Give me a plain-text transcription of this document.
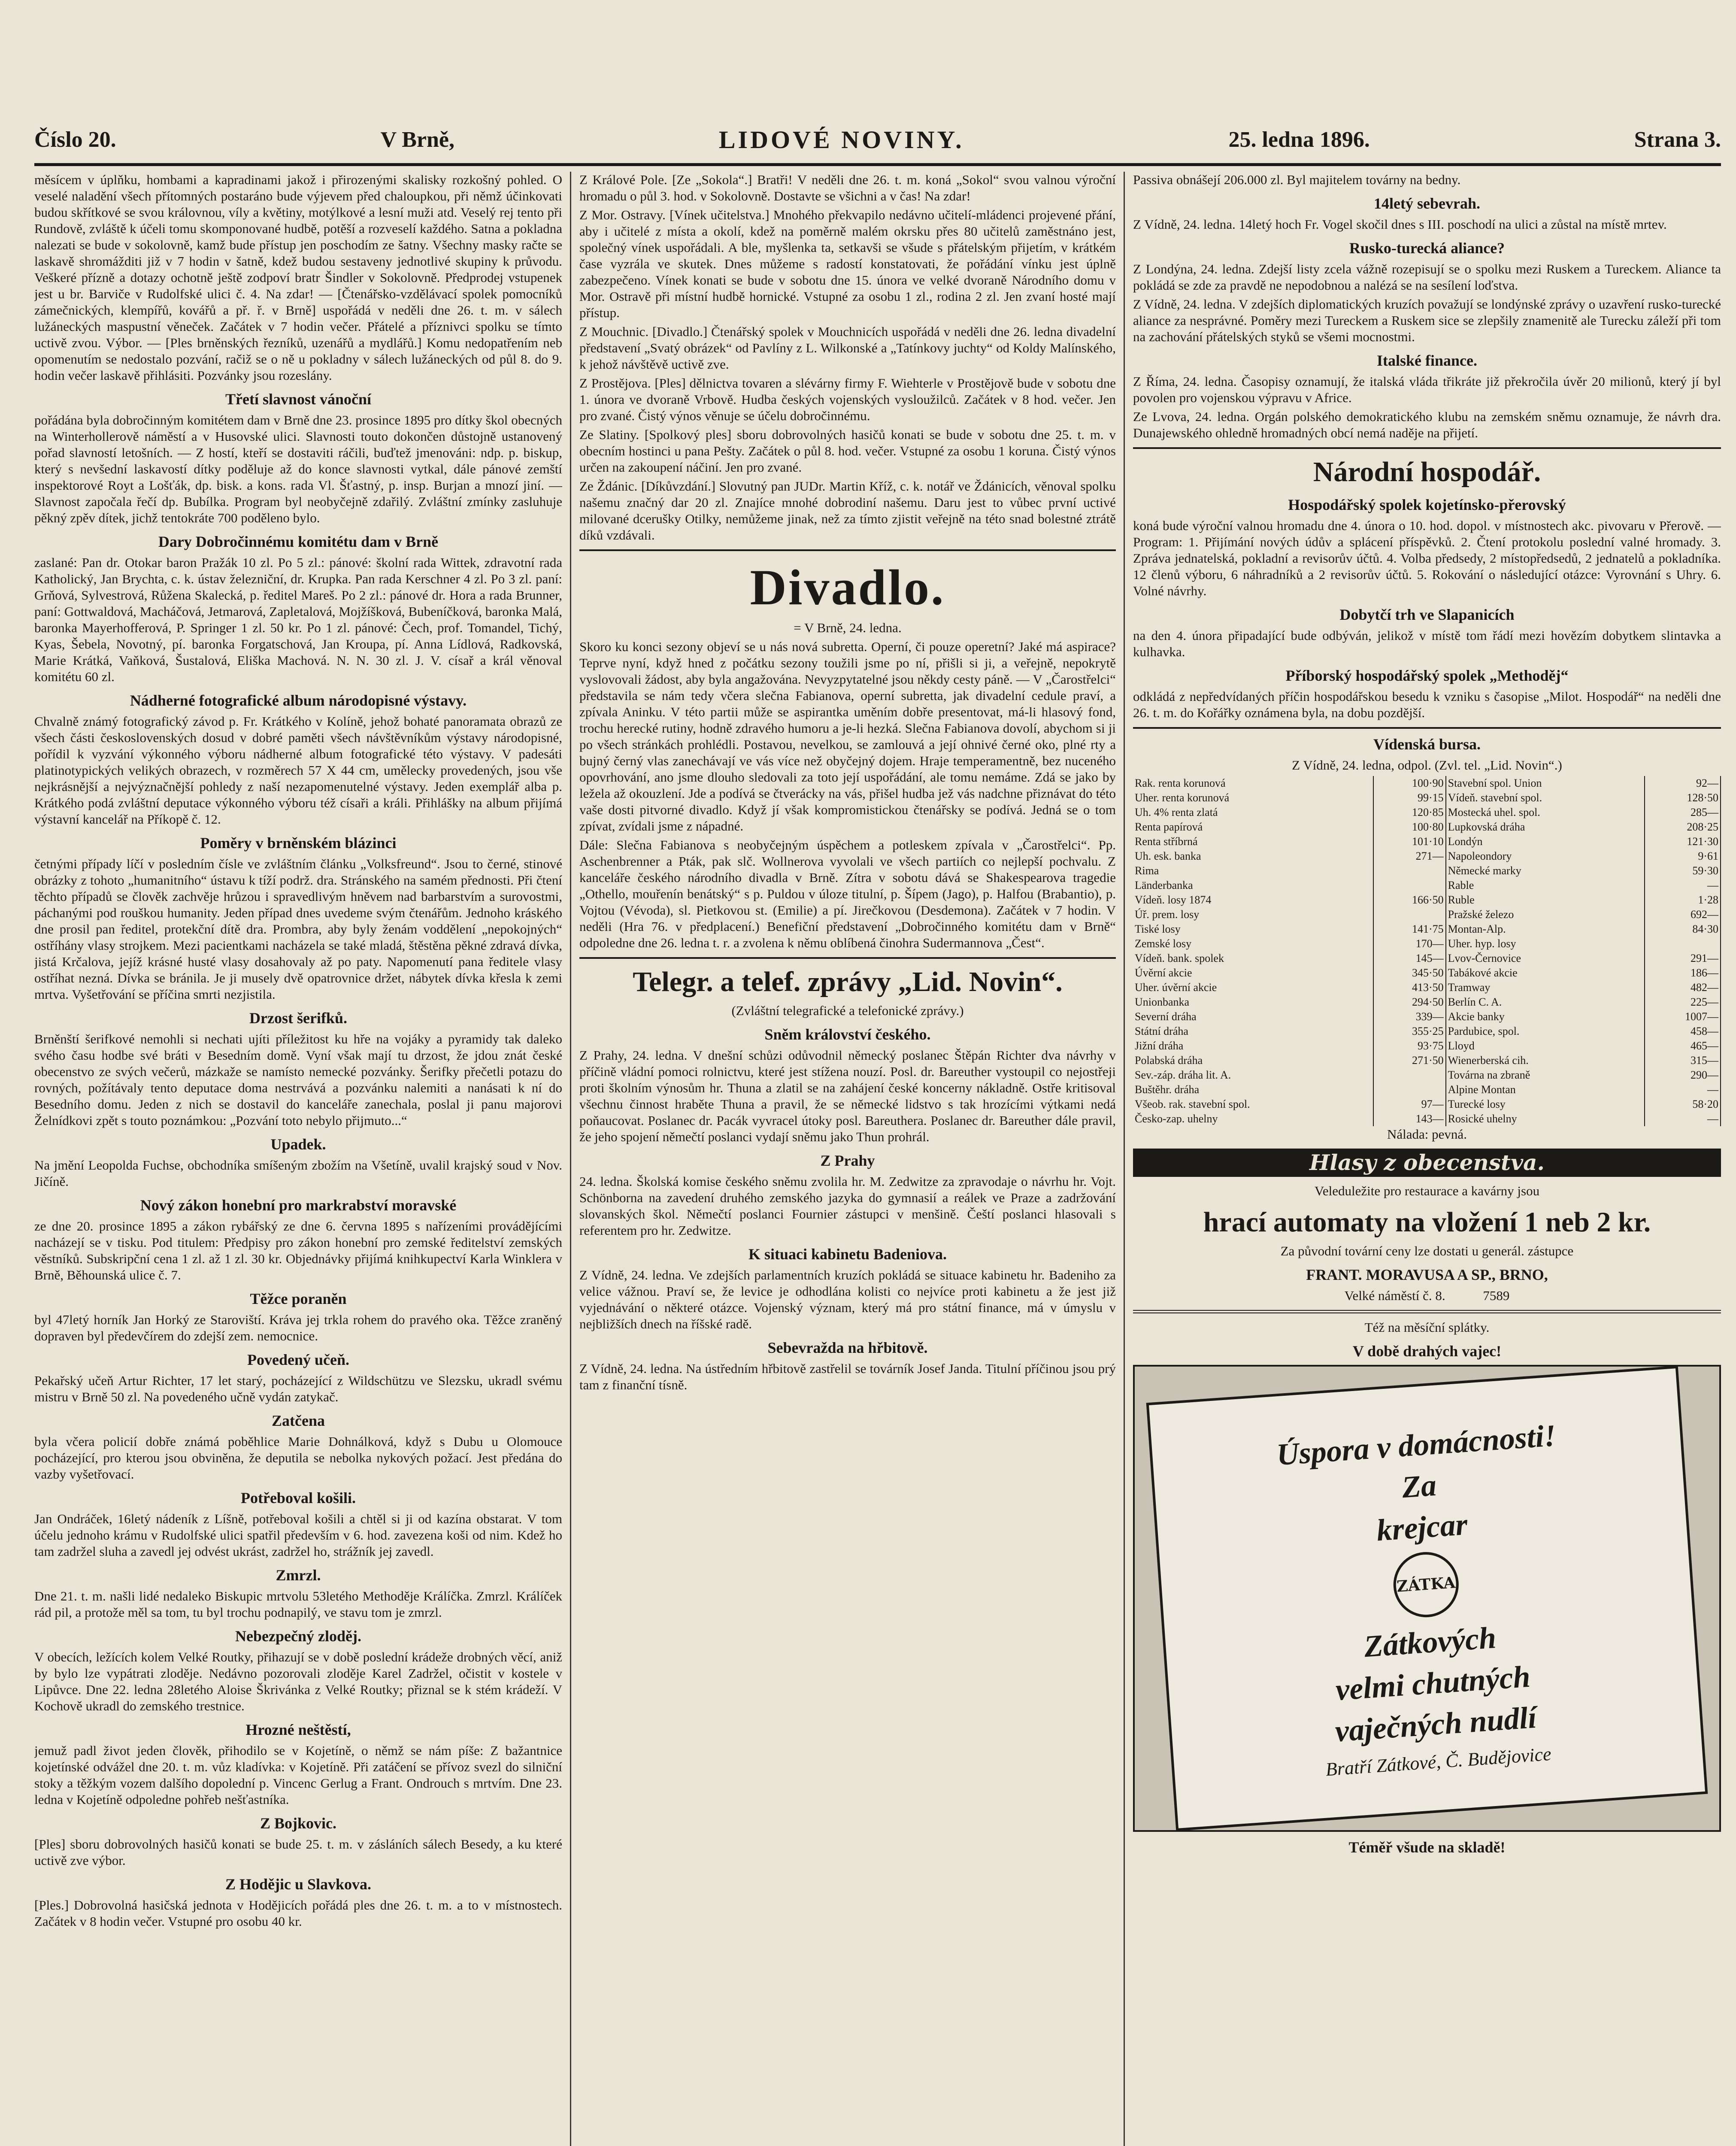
Číslo 20.	V Brně,	LIDOVÉ NOVINY.	25. ledna 1896.	Strana 3.

měsícem v úplňku, hombami a kapradinami jakož i přirozenými skalisky rozkošný pohled. O veselé naladění všech přítomných postaráno bude výjevem před chaloupkou, při němž účinkovati budou skřítkové se svou královnou, víly a květiny, motýlkové a lesní muži atd. Veselý rej tento při Rundově, zvláště k účeli tomu skomponované hudbě, potěší a rozveselí každého. Satna a pokladna nalezati se bude v sokolovně, kamž bude přístup jen poschodím ze šatny. Všechny masky račte se laskavě shromážditi již v 7 hodin v šatně, kdež budou sestaveny jednotlivé skupiny k průvodu. Veškeré přízně a dotazy ochotně ještě zodpoví bratr Šindler v Sokolovně. Předprodej vstupenek jest u br. Barviče v Rudolfské ulici č. 4. Na zdar! — [Čtenářsko-vzdělávací spolek pomocníků zámečnických, klempířů, kovářů a př. ř. v Brně] uspořádá v neděli dne 26. t. m. v sálech lužáneckých maspustní věneček. Začátek v 7 hodin večer. Přátelé a příznivci spolku se tímto uctivě zvou. Výbor. — [Ples brněnských řezníků, uzenářů a mydlářů.] Komu nedopatřením neb opomenutím se nedostalo pozvání, račiž se o ně u pokladny v sálech lužáneckých od půl 8. do 9. hodin večer laskavě přihlásiti. Pozvánky jsou rozeslány.

Třetí slavnost vánoční

pořádána byla dobročinným komitétem dam v Brně dne 23. prosince 1895 pro dítky škol obecných na Winterhollerově náměstí a v Husovské ulici. Slavnosti touto dokončen důstojně ustanovený pořad slavností letošních. — Z hostí, kteří se dostaviti ráčili, buďtež jmenováni: ndp. p. biskup, který s nevšední laskavostí dítky poděluje až do konce slavnosti vytkal, dále pánové zemští inspektorové Royt a Lošťák, dp. bisk. a kons. rada Vl. Šťastný, p. insp. Burjan a mnozí jiní. — Slavnost započala řečí dp. Bubílka. Program byl neobyčejně zdařilý. Zvláštní zmínky zasluhuje pěkný zpěv dítek, jichž tentokráte 700 poděleno bylo.

Dary Dobročinnému komitétu dam v Brně

zaslané: Pan dr. Otokar baron Pražák 10 zl. Po 5 zl.: pánové: školní rada Wittek, zdravotní rada Katholický, Jan Brychta, c. k. ústav železniční, dr. Krupka. Pan rada Kerschner 4 zl. Po 3 zl. paní: Grňová, Sylvestrová, Růžena Skalecká, p. ředitel Mareš. Po 2 zl.: pánové dr. Hora a rada Brunner, paní: Gottwaldová, Macháčová, Jetmarová, Zapletalová, Mojžíšková, Bubeníčková, baronka Malá, baronka Mayerhofferová, P. Springer 1 zl. 50 kr. Po 1 zl. pánové: Čech, prof. Tomandel, Tichý, Kyas, Šebela, Novotný, pí. baronka Forgatschová, Jan Kroupa, pí. Anna Lídlová, Radkovská, Marie Krátká, Vaňková, Šustalová, Eliška Machová. N. N. 30 zl. J. V. císař a král věnoval komitétu 60 zl.

Nádherné fotografické album národopisné výstavy.

Chvalně známý fotografický závod p. Fr. Krátkého v Kolíně, jehož bohaté panoramata obrazů ze všech části československých dosud v dobré paměti všech návštěvníkům výstavy národopisné, pořídil k vyzvání výkonného výboru nádherné album fotografické této výstavy. V padesáti platinotypických velikých obrazech, v rozměrech 57 X 44 cm, umělecky provedených, jsou vše nejkrásnější a nejvýznačnější pohledy z naší nezapomenutelné výstavy. Jeden exemplář alba p. Krátkého podá zvláštní deputace výkonného výboru též císaři a králi. Přihlášky na album přijímá výstavní kancelář na Příkopě č. 12.

Poměry v brněnském blázinci

četnými případy líčí v posledním čísle ve zvláštním článku „Volksfreund“. Jsou to černé, stinové obrázky z tohoto „humanitního“ ústavu k tíží podrž. dra. Stránského na samém přednosti. Při čtení těchto případů se člověk zachvěje hrůzou i spravedlivým hněvem nad barbarstvím a surovostmi, páchanými pod rouškou humanity. Jeden případ dnes uvedeme svým čtenářům. Jednoho kráského dne prosil pan ředitel, protekční dítě dra. Prombra, aby byly ženám voddělení „nepokojných“ ostříhány vlasy strojkem. Mezi pacientkami nacházela se také mladá, štěstěna pěkné zdravá dívka, jistá Krčalova, jejíž krásné husté vlasy dosahovaly až po paty. Napomenutí pana ředitele vlasy ostříhat nezná. Dívka se bránila. Je ji musely dvě opatrovnice držet, nábytek dívka křesla k zemi mrtva. Vyšetřování se příčina smrti nezjistila.

Drzost šerifků.

Brněnští šerifkové nemohli si nechati ujíti příležitost ku hře na vojáky a pyramidy tak daleko svého času hodbe své bráti v Besedním domě. Vyní však mají tu drzost, že jdou znát české obecenstvo ze svých večerů, mázkaže se namísto nemecké pozvánky. Šerifky přečetli potazu do rovných, požítávaly tento deputace doma nestrvává a pozvánku nalemiti a nanásati k ní do Besedního domu. Jeden z nich se dostavil do kanceláře zanechala, poslal ji panu majorovi Želnídkovi zpět s touto poznámkou: „Pozvání toto nebylo přijmuto...“

Upadek.

Na jmění Leopolda Fuchse, obchodníka smíšeným zbožím na Všetíně, uvalil krajský soud v Nov. Jičíně.

Nový zákon honební pro markrabství moravské

ze dne 20. prosince 1895 a zákon rybářský ze dne 6. června 1895 s nařízeními provádějícími nacházejí se v tisku. Pod titulem: Předpisy pro zákon honební pro zemské ředitelství zemských věstníků. Subskripční cena 1 zl. až 1 zl. 30 kr. Objednávky přijímá knihkupectví Karla Winklera v Brně, Běhounská ulice č. 7.

Těžce poraněn

byl 47letý horník Jan Horký ze Staroviští. Kráva jej trkla rohem do pravého oka. Těžce zraněný dopraven byl předevčírem do zdejší zem. nemocnice.

Povedený učeň.

Pekařský učeň Artur Richter, 17 let starý, pocházející z Wildschützu ve Slezsku, ukradl svému mistru v Brně 50 zl. Na povedeného učně vydán zatykač.

Zatčena

byla včera policií dobře známá poběhlice Marie Dohnálková, když s Dubu u Olomouce pocházející, pro kterou jsou obviněna, že deputila se nebolka nykových požací. Jest předána do vazby vyšetřovací.

Potřeboval košili.

Jan Ondráček, 16letý nádeník z Líšně, potřeboval košili a chtěl si ji od kazína obstarat. V tom účelu jednoho krámu v Rudolfské ulici spatřil především v 6. hod. zavezena koši od nim. Kdež ho tam zadržel sluha a zavedl jej odvést ukrást, zadržel ho, strážník jej zavedl.

Zmrzl.

Dne 21. t. m. našli lidé nedaleko Biskupic mrtvolu 53letého Methoděje Králíčka. Zmrzl. Králíček rád pil, a protože měl sa tom, tu byl trochu podnapilý, ve stavu tom je zmrzl.

Nebezpečný zloděj.

V obecích, ležících kolem Velké Routky, přihazují se v době poslední krádeže drobných věcí, aniž by bylo lze vypátrati zloděje. Nedávno pozorovali zloděje Karel Zadržel, očistit v kostele v Lipůvce. Dne 22. ledna 28letého Aloise Škrivánka z Velké Routky; přiznal se k stém krádeží. V Kochově ukradl do zemského trestnice.

Hrozné neštěstí,

jemuž padl život jeden člověk, přihodilo se v Kojetíně, o němž se nám píše: Z bažantnice kojetínské odvážel dne 20. t. m. vůz kladívka: v Kojetíně. Při zatáčení se přívoz svezl do silniční stoky a těžkým vozem dalšího dopolední p. Vincenc Gerlug a Frant. Ondrouch s mrtvím. Dne 23. ledna v Kojetíně odpoledne pohřeb nešťastníka.

Z Bojkovic.

[Ples] sboru dobrovolných hasičů konati se bude 25. t. m. v zásláních sálech Besedy, a ku které uctivě zve výbor.

Z Hodějic u Slavkova.

[Ples.] Dobrovolná hasičská jednota v Hodějicích pořádá ples dne 26. t. m. a to v místnostech. Začátek v 8 hodin večer. Vstupné pro osobu 40 kr.

Z Králové Pole. [Ze „Sokola“.] Bratři! V neděli dne 26. t. m. koná „Sokol“ svou valnou výroční hromadu o půl 3. hod. v Sokolovně. Dostavte se všichni a v čas! Na zdar!

Z Mor. Ostravy. [Vínek učitelstva.] Mnohého překvapilo nedávno učitelí-mládenci projevené přání, aby i učitelé z místa a okolí, kdež na poměrně malém okrsku přes 80 učitelů zaměstnáno jest, společný vínek uspořádali. A ble, myšlenka ta, setkavši se všude s přátelským přijetím, v krátkém čase vyzrála ve skutek. Dnes můžeme s radostí konstatovati, že pořádání vínku jest úplně zabezpečeno. Vínek konati se bude v sobotu dne 15. února ve velké dvoraně Národního domu v Mor. Ostravě při místní hudbě hornické. Vstupné za osobu 1 zl., rodina 2 zl. Jen zvaní hosté mají přístup.

Z Mouchnic. [Divadlo.] Čtenářský spolek v Mouchnicích uspořádá v neděli dne 26. ledna divadelní představení „Svatý obrázek“ od Pavlíny z L. Wilkonské a „Tatínkovy juchty“ od Koldy Malínského, k jehož návštěvě uctivě zve.

Z Prostějova. [Ples] dělnictva tovaren a slévárny firmy F. Wiehterle v Prostějově bude v sobotu dne 1. února ve dvoraně Vrbově. Hudba českých vojenských vysloužilců. Začátek v 8 hod. večer. Jen pro zvané. Čistý výnos věnuje se účelu dobročinnému.

Ze Slatiny. [Spolkový ples] sboru dobrovolných hasičů konati se bude v sobotu dne 25. t. m. v obecním hostinci u pana Pešty. Začátek o půl 8. hod. večer. Vstupné za osobu 1 koruna. Čistý výnos určen na zakoupení náčiní. Jen pro zvané.

Ze Ždánic. [Díkůvzdání.] Slovutný pan JUDr. Martin Kříž, c. k. notář ve Ždánicích, věnoval spolku našemu značný dar 20 zl. Znajíce mnohé dobrodiní našemu. Daru jest to vůbec první uctivé milované dcerušky Otilky, nemůžeme jinak, než za tímto zjistit veřejně na této snad bolestné ztrátě díků vzdávali.

Divadlo.
= V Brně, 24. ledna.

Skoro ku konci sezony objeví se u nás nová subretta. Operní, či pouze operetní? Jaké má aspirace? Teprve nyní, když hned z počátku sezony toužili jsme po ní, přišli si ji, a veřejně, nepokrytě vyslovovali žádost, aby byla angažována. Nevyzpytatelné jsou někdy cesty páně. — V „Čarostřelci“ představila se nám tedy včera slečna Fabianova, operní subretta, jak divadelní cedule praví, a zpívala Aninku. V této partii může se aspirantka uměním dobře presentovat, má-li hlasový fond, trochu herecké rutiny, hodně zdravého humoru a je-li hezká. Slečna Fabianova dovolí, abychom si ji po všech stránkách prohlédli. Postavou, nevelkou, se zamlouvá a její ohnivé černé oko, plné rty a bujný černý vlas zanechávají ve vás více než obyčejný dojem. Hraje temperamentně, bez nuceného opovrhování, ano jsme dlouho sledovali za toto její uspořádání, ale tomu nemáme. Zdá se jako by ležela až okouzlení. Jde a podívá se čtverácky na vás, přišel hudba jež vás nadchne přiznávat do této vaše dosti pitvorné divadlo. Když jí však kompromistickou čtenářsky se podívá. Jedná se o tom zpívat, zvídali jsme z nápadné.

Dále: Slečna Fabianova s neobyčejným úspěchem a potleskem zpívala v „Čarostřelci“. Pp. Aschenbrenner a Pták, pak slč. Wollnerova vyvolali ve všech partiích co nejlepší pochvalu. Z kanceláře českého národního divadla v Brně. Zítra v sobotu dává se Shakespearova tragedie „Othello, mouřenín benátský“ s p. Puldou v úloze titulní, p. Šípem (Jago), p. Halfou (Brabantio), p. Vojtou (Vévoda), sl. Pietkovou st. (Emilie) a pí. Jirečkovou (Desdemona). Začátek v 7 hodin. V neděli (Hra 76. v předplacení.) Benefiční představení „Dobročinného komitétu dam v Brně“ odpoledne dne 26. ledna t. r. a zvolena k němu oblíbená činohra Sudermannova „Čest“.

Telegr. a telef. zprávy „Lid. Novin“.
(Zvláštní telegrafické a telefonické zprávy.)
Sněm království českého.

Z Prahy, 24. ledna. V dnešní schůzi odůvodnil německý poslanec Štěpán Richter dva návrhy v příčině vládní pomoci rolnictvu, které jest stížena nouzí. Posl. dr. Bareuther vystoupil co nejostřeji proti školním výnosům hr. Thuna a zlatil se na zahájení české koncerny nákladně. Ostře kritisoval všechnu činnost hraběte Thuna a pravil, že se německé lidstvo s tak hrozícími výtkami nedá poňaucovat. Poslanec dr. Pacák vyvracel útoky posl. Bareuthera. Poslanec dr. Bareuther dále pravil, že jeho spojení němečtí poslanci vydají sněmu jako Thun prohrál.

Z Prahy

24. ledna. Školská komise českého sněmu zvolila hr. M. Zedwitze za zpravodaje o návrhu hr. Vojt. Schönborna na zavedení druhého zemského jazyka do gymnasií a reálek ve Praze a zadržování slovanských škol. Němečtí poslanci Fournier zástupci v menšině. Čeští poslanci hlasovali s referentem pro hr. Zedwitze.

K situaci kabinetu Badeniova.

Z Vídně, 24. ledna. Ve zdejších parlamentních kruzích pokládá se situace kabinetu hr. Badeniho za velice vážnou. Praví se, že levice je odhodlána kolisti co nejvíce proti kabinetu a že jest již vyjednávání o některé otázce. Vojenský význam, který má pro státní finance, má v úmyslu v nejbližších dnech na říšské radě.

Sebevražda na hřbitově.

Z Vídně, 24. ledna. Na ústředním hřbitově zastřelil se továrník Josef Janda. Titulní příčinou jsou prý tam z finanční tísně.

Passiva obnášejí 206.000 zl. Byl majitelem továrny na bedny.

14letý sebevrah.

Z Vídně, 24. ledna. 14letý hoch Fr. Vogel skočil dnes s III. poschodí na ulici a zůstal na místě mrtev.

Rusko-turecká aliance?

Z Londýna, 24. ledna. Zdejší listy zcela vážně rozepisují se o spolku mezi Ruskem a Tureckem. Aliance ta pokládá se zde za pravdě ne nepodobnou a nalézá se na sesílení loďstva.

Z Vídně, 24. ledna. V zdejších diplomatických kruzích považují se londýnské zprávy o uzavření rusko-turecké aliance za nesprávné. Poměry mezi Tureckem a Ruskem sice se zlepšily znamenitě ale Turecku záleží při tom na zachování přátelských styků se všemi mocnostmi.

Italské finance.

Z Říma, 24. ledna. Časopisy oznamují, že italská vláda třikráte již překročila úvěr 20 milionů, který jí byl povolen pro vojenskou výpravu v Africe.

Ze Lvova, 24. ledna. Orgán polského demokratického klubu na zemském sněmu oznamuje, že návrh dra. Dunajewského ohledně hromadných obcí nemá naděje na přijetí.

Národní hospodář.
Hospodářský spolek kojetínsko-přerovský

koná bude výroční valnou hromadu dne 4. února o 10. hod. dopol. v místnostech akc. pivovaru v Přerově. — Program: 1. Přijímání nových údův a splácení příspěvků. 2. Čtení protokolu poslední valné hromady. 3. Zpráva jednatelská, pokladní a revisorův účtů. 4. Volba předsedy, 2 místopředsedů, 2 jednatelů a pokladníka. 12 členů výboru, 6 náhradníků a 2 revisorův účtů. 5. Rokování o následující otázce: Vyrovnání s Uhry. 6. Volné návrhy.

Dobytčí trh ve Slapanicích

na den 4. února připadající bude odbýván, jelikož v místě tom řádí mezi hovězím dobytkem slintavka a kulhavka.

Příborský hospodářský spolek „Methoděj“

odkládá z nepředvídaných příčin hospodářskou besedu k vzniku s časopise „Milot. Hospodář“ na neděli dne 26. t. m. do Kořářky oznámena byla, na dobu pozdější.

Vídenská bursa.
Z Vídně, 24. ledna, odpol. (Zvl. tel. „Lid. Novin“.)
Rak. renta korunová	100·90	Stavební spol. Union	92—
Uher. renta korunová	99·15	Vídeň. stavební spol.	128·50
Uh. 4% renta zlatá	120·85	Mostecká uhel. spol.	285—
Renta papírová	100·80	Lupkovská dráha	208·25
Renta stříbrná	101·10	Londýn	121·30
Uh. esk. banka	271—	Napoleondory	9·61
Rima		Německé marky	59·30
Länderbanka		Rable	—
Vídeň. losy 1874	166·50	Ruble	1·28
Úř. prem. losy		Pražské železo	692—
Tiské losy	141·75	Montan-Alp.	84·30
Zemské losy	170—	Uher. hyp. losy	
Vídeň. bank. spolek	145—	Lvov-Černovice	291—
Úvěrní akcie	345·50	Tabákové akcie	186—
Uher. úvěrní akcie	413·50	Tramway	482—
Unionbanka	294·50	Berlín C. A.	225—
Severní dráha	339—	Akcie banky	1007—
Státní dráha	355·25	Pardubice, spol.	458—
Jižní dráha	93·75	Lloyd	465—
Polabská dráha	271·50	Wienerberská cih.	315—
Sev.-záp. dráha lit. A.		Továrna na zbraně	290—
Buštěhr. dráha		Alpine Montan	—
Všeob. rak. stavební spol.	97—	Turecké losy	58·20
Česko-zap. uhelny	143—	Rosické uhelny	—
Nálada: pevná.
Hlasy z obecenstva.
Veleduležite pro restaurace a kavárny jsou
hrací automaty na vložení 1 neb 2 kr.
Za původní tovární ceny lze dostati u generál. zástupce
FRANT. MORAVUSA A SP., BRNO,
Velké náměstí č. 8.	7589
Též na měsíční splátky.
V době drahých vajec!
Úspora v domácnosti!
Za
krejcar
ZÁTKA
Zátkových
velmi chutných
vaječných nudlí
Bratří Zátkové, Č. Budějovice
Téměř všude na skladě!
